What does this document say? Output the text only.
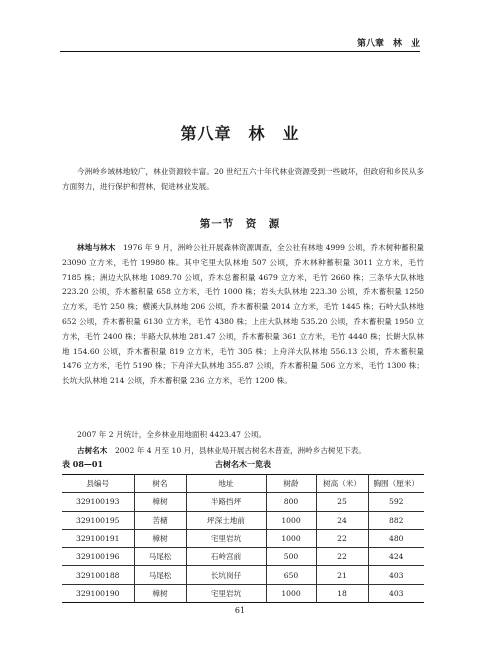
第八章　林　业
第八章　林　业

今洲岭乡域林地较广，林业资源较丰富。20 世纪五六十年代林业资源受到一些破坏，但政府和乡民从多方面努力，进行保护和营林，促进林业发展。

第一节　资　源

林地与林木　1976 年 9 月，洲岭公社开展森林资源调查，全公社有林地 4999 公顷，乔木树种蓄积量 23090 立方米，毛竹 19980 株。其中宅里大队林地 507 公顷，乔木林种蓄积量 3011 立方米，毛竹 7185 株；洲边大队林地 1089.70 公顷，乔木总蓄积量 4679 立方米，毛竹 2660 株；三条华大队林地 223.20 公顷，乔木蓄积量 658 立方米，毛竹 1000 株；岩头大队林地 223.30 公顷，乔木蓄积量 1250 立方米，毛竹 250 株；横溪大队林地 206 公顷，乔木蓄积量 2014 立方米，毛竹 1445 株；石岭大队林地 652 公顷，乔木蓄积量 6130 立方米，毛竹 4380 株；上庄大队林地 535.20 公顷，乔木蓄积量 1950 立方米，毛竹 2400 株；半路大队林地 281.47 公顷，乔木蓄积量 361 立方米，毛竹 4440 株；长餠大队林地 154.60 公顷，乔木蓄积量 819 立方米，毛竹 305 株；上舟洋大队林地 556.13 公顷，乔木蓄积量 1476 立方米，毛竹 5190 株；下舟洋大队林地 355.87 公顷，乔木蓄积量 506 立方米，毛竹 1300 株；长坑大队林地 214 公顷，乔木蓄积量 236 立方米，毛竹 1200 株。

2007 年 2 月统计，全乡林业用地面积 4423.47 公顷。

古树名木　2002 年 4 月至 10 月，县林业局开展古树名木普查，洲岭乡古树见下表。

古树名木一览表
表 08—01
县编号	树名	地址	树龄	树高（米）	胸围（厘米）
329100193	樟树	半路挡坪	800	25	592
329100195	苦槠	坪深土地前	1000	24	882
329100191	樟树	宅里岩坑	1000	22	480
329100196	马尾松	石岭宫前	500	22	424
329100188	马尾松	长坑岗仔	650	21	403
329100190	樟树	宅里岩坑	1000	18	403
61
